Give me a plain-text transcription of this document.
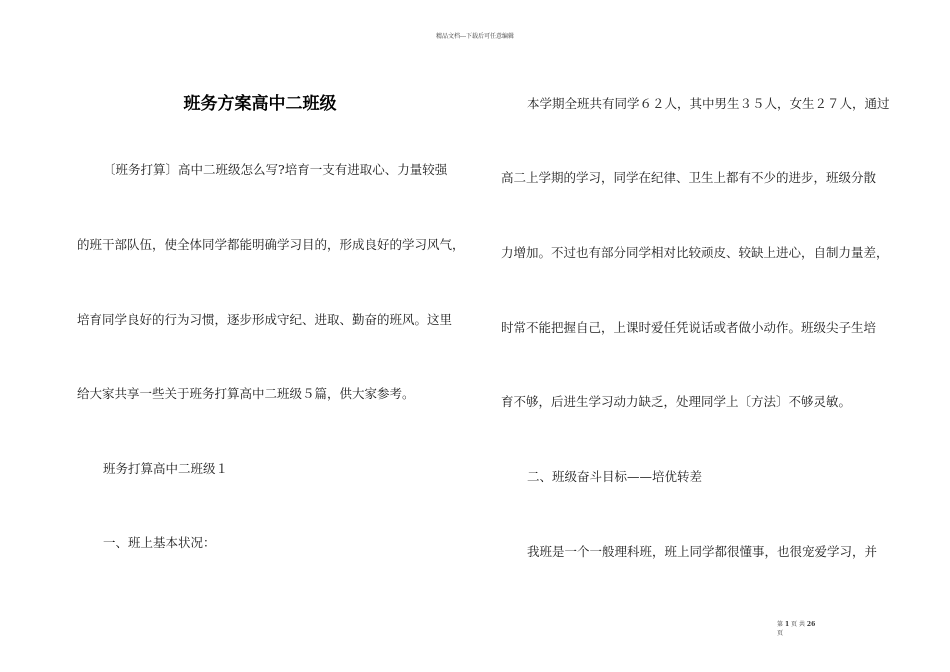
精品文档---下载后可任意编辑
班务方案高中二班级
〔班务打算〕高中二班级怎么写?培育一支有进取心、力量较强
的班干部队伍，使全体同学都能明确学习目的，形成良好的学习风气，
培育同学良好的行为习惯，逐步形成守纪、进取、勤奋的班风。这里
给大家共享一些关于班务打算高中二班级５篇，供大家参考。
班务打算高中二班级１
一、班上基本状况：
本学期全班共有同学６２人，其中男生３５人，女生２７人，通过
高二上学期的学习，同学在纪律、卫生上都有不少的进步，班级分散
力增加。不过也有部分同学相对比较顽皮、较缺上进心，自制力量差，
时常不能把握自己，上课时爱任凭说话或者做小动作。班级尖子生培
育不够，后进生学习动力缺乏，处理同学上〔方法〕不够灵敏。
二、班级奋斗目标——培优转差
我班是一个一般理科班，班上同学都很懂事，也很宠爱学习，并
第 1 页 共 26
页
